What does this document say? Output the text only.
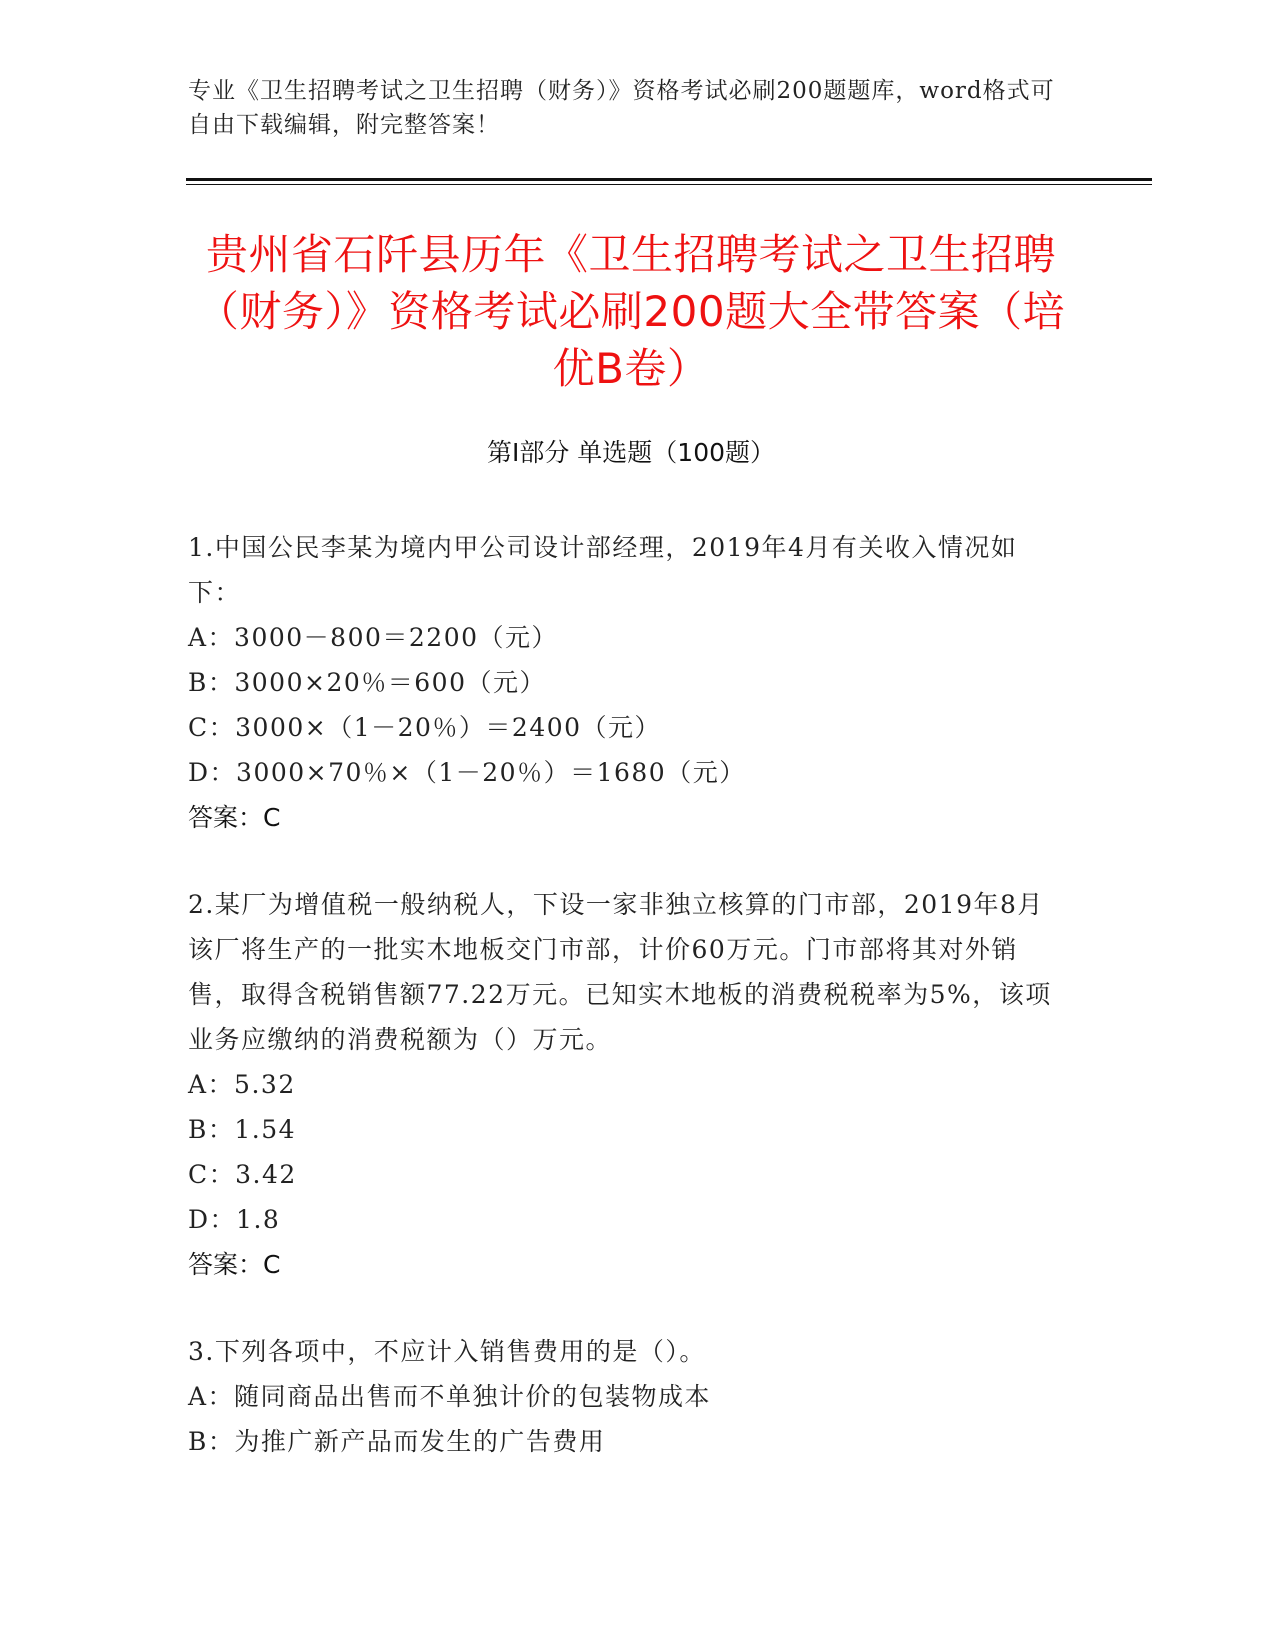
专业《卫生招聘考试之卫生招聘（财务）》资格考试必刷200题题库，word格式可自由下载编辑，附完整答案！
贵州省石阡县历年《卫生招聘考试之卫生招聘（财务）》资格考试必刷200题大全带答案（培优B卷）
第I部分 单选题（100题）
1.中国公民李某为境内甲公司设计部经理，2019年4月有关收入情况如下：
A：3000－800＝2200（元）
B：3000×20％＝600（元）
C：3000×（1－20％）＝2400（元）
D：3000×70％×（1－20％）＝1680（元）
答案：C
2.某厂为增值税一般纳税人，下设一家非独立核算的门市部，2019年8月该厂将生产的一批实木地板交门市部，计价60万元。门市部将其对外销售，取得含税销售额77.22万元。已知实木地板的消费税税率为5%，该项业务应缴纳的消费税额为（）万元。
A：5.32
B：1.54
C：3.42
D：1.8
答案：C
3.下列各项中，不应计入销售费用的是（）。
A：随同商品出售而不单独计价的包装物成本
B：为推广新产品而发生的广告费用
